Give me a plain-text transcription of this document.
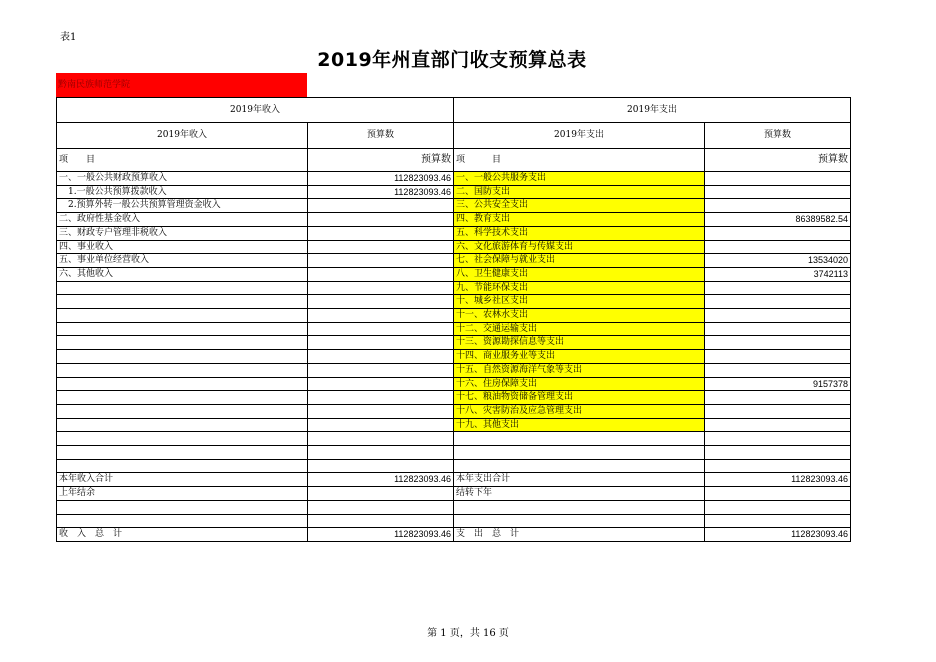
表1
2019年州直部门收支预算总表
黔南民族师范学院
2019年收入		2019年支出	
2019年收入	预算数	2019年支出	预算数
项　　目	预算数	项　　　目	预算数
一、一般公共财政预算收入	112823093.46	一、一般公共服务支出	
　1.一般公共预算拨款收入	112823093.46	二、国防支出	
　2.预算外转一般公共预算管理资金收入		三、公共安全支出	
二、政府性基金收入		四、教育支出	86389582.54
三、财政专户管理非税收入		五、科学技术支出	
四、事业收入		六、文化旅游体育与传媒支出	
五、事业单位经营收入		七、社会保障与就业支出	13534020
六、其他收入		八、卫生健康支出	3742113
		九、节能环保支出	
		十、城乡社区支出	
		十一、农林水支出	
		十二、交通运输支出	
		十三、资源勘探信息等支出	
		十四、商业服务业等支出	
		十五、自然资源海洋气象等支出	
		十六、住房保障支出	9157378
		十七、粮油物资储备管理支出	
		十八、灾害防治及应急管理支出	
		十九、其他支出	

本年收入合计	112823093.46	本年支出合计	112823093.46
上年结余		结转下年	

收　入　总　计	112823093.46	支　出　总　计	112823093.46
第 1 页，共 16 页
